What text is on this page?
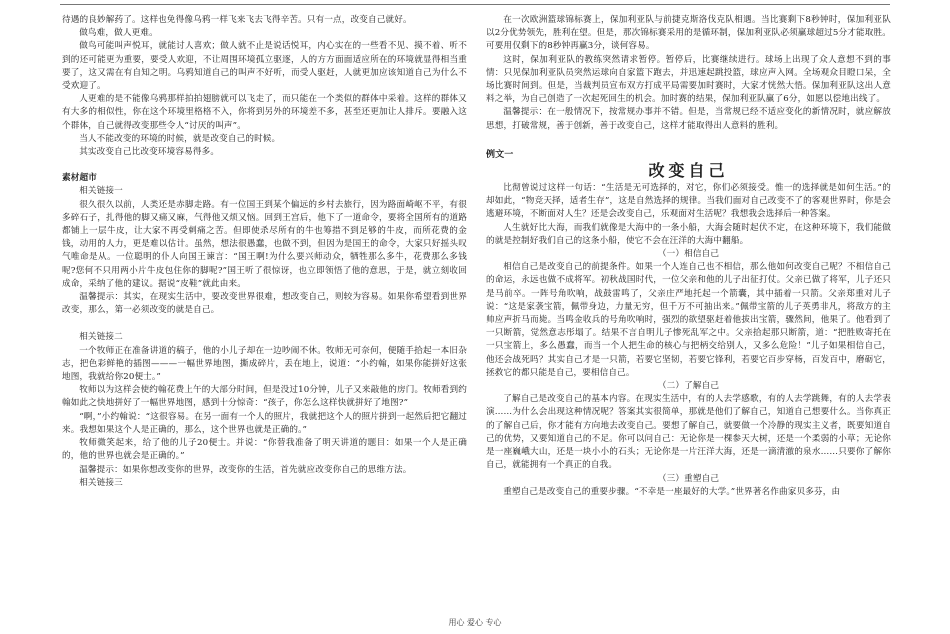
待遇的良妙解药了。这样也免得像乌鸦一样飞来飞去飞得辛苦。只有一点，改变自己就好。

做鸟难，做人更难。

做鸟可能叫声悦耳，就能讨人喜欢；做人就不止是说话悦耳，内心实在的一些看不见、摸不着、听不到的还可能更为重要，要受人欢迎，不让周围环境孤立驱逐，人的方方面面适应所在的环境就显得相当重要了，这又需在有自知之明。乌鸦知道自己的叫声不好听，而受人驱赶，人就更加应该知道自己为什么不受欢迎了。

人更难的是不能像乌鸦那样拍拍翅膀就可以飞走了，而只能在一个类似的群体中采着。这样的群体又有大多的相似性，你在这个环境里格格不入，你将到另外的环境差不多，甚至还更加让人排斥。要融入这个群体，自己就得改变那些令人“讨厌的叫声”。

当人不能改变的环境的时候，就是改变自己的时候。

其实改变自己比改变环境容易得多。

素材超市

相关链接一

很久很久以前，人类还是赤脚走路。有一位国王到某个偏远的乡村去旅行，因为路面崎岖不平，有很多碎石子，扎得他的脚又痛又麻，气得他又烦又恼。回到王宫后，他下了一道命令，要将全国所有的道路都铺上一层牛皮，让大家不再受刺痛之苦。但即使杀尽所有的牛也筹措不到足够的牛皮，而所花费的金钱，动用的人力，更是难以估计。虽然，想法很愚蠢，也做不到，但因为是国王的命令，大家只好摇头叹气唯命是从。一位聪明的仆人向国王谏言：“国王啊!为什么要兴师动众，牺牲那么多牛，花费那么多钱呢?您何不只用两小片牛皮包住你的脚呢?”国王听了很惊讶，也立即领悟了他的意思，于是，就立刻收回成命，采纳了他的建议。据说“皮鞋”就此由来。

温馨提示：其实，在现实生活中，要改变世界很难，想改变自己，则较为容易。如果你希望看到世界改变，那么，第一必须改变的就是自己。

相关链接二

一个牧师正在准备讲道的稿子，他的小儿子却在一边吵闹不休。牧师无可奈何，便随手拾起一本旧杂志，把色彩鲜艳的插图———一幅世界地图，撕成碎片，丢在地上，说道：“小约翰，如果你能拼好这张地图，我就给你20便士。”

牧师以为这样会使约翰花费上午的大部分时间，但是没过10分钟，儿子又来敲他的房门。牧师看到约翰如此之快地拼好了一幅世界地图，感到十分惊奇：“孩子，你怎么这样快就拼好了地图?”

“啊，”小约翰说：“这很容易。在另一面有一个人的照片，我就把这个人的照片拼到一起然后把它翻过来。我想如果这个人是正确的，那么，这个世界也就是正确的。”

牧师微笑起来，给了他的儿子20便士。并说：“你替我准备了明天讲道的题目：如果一个人是正确的，他的世界也就会是正确的。”

温馨提示：如果你想改变你的世界，改变你的生活，首先就应改变你自己的思维方法。

相关链接三

在一次欧洲篮球锦标赛上，保加利亚队与前捷克斯洛伐克队相遇。当比赛剩下8秒钟时，保加利亚队以2分优势领先，胜利在望。但是，那次锦标赛采用的是循环制，保加利亚队必须赢球超过5分才能取胜。可要用仅剩下的8秒钟再赢3分，谈何容易。

这时，保加利亚队的教练突然请求暂停。暂停后，比赛继续进行。球场上出现了众人意想不到的事情：只见保加利亚队员突然运球向自家篮下跑去，并迅速起跳投篮，球应声入网。全场观众目瞪口呆，全场比赛时间到。但是，当裁判员宣布双方打成平局需要加时赛时，大家才恍然大悟。保加利亚队这出人意料之举，为自己创造了一次起死回生的机会。加时赛的结果，保加利亚队赢了6分，如愿以偿地出线了。

温馨提示：在一般情况下，按常规办事并不错。但是，当常规已经不适应变化的新情况时，就应解放思想，打破常规，善于创新，善于改变自己，这样才能取得出人意料的胜利。

例文一

改变自己

比彻曾说过这样一句话：“生活是无可选择的，对它，你们必须接受。惟一的选择就是如何生活。”的却如此，“物竞天择，适者生存”，这是自然选择的规律。当我们面对自己改变不了的客观世界时，你是会逃避环境，不断面对人生？还是会改变自己，乐观面对生活呢？我想我会选择后一种答案。

人生就好比大海，而我们就像是大海中的一条小船，大海会随时起伏不定，在这种环境下，我们能做的就是控制好我们自己的这条小船，使它不会在汪洋的大海中翻船。

（一）相信自己

相信自己是改变自己的前提条件。如果一个人连自己也不相信，那么他如何改变自己呢？不相信自己的命运，永远也做不成将军。初秋战国时代，一位父亲和他的儿子出征打仗。父亲已做了将军，儿子还只是马前卒。一阵号角吹响，战鼓雷鸣了，父亲庄严地托起一个箭囊，其中插着一只箭。父亲郑重对儿子说：“这是家袭宝箭，佩带身边，力量无穷，但千万不可抽出来。”佩带宝箭的儿子英勇非凡，将敌方的主帅应声折马而毙。当鸣金收兵的号角吹响时，强烈的欲望驱赶着他拔出宝箭，骤然间，他果了。他看到了一只断箭，觉然意志彤塌了。结果不言自明儿子惨死乱军之中。父亲拾起那只断箭，道：“把胜败寄托在一只宝箭上，多么愚蠢，而当一个人把生命的核心与把柄交给别人，又多么危险！”儿子如果相信自己，他还会战死吗？其实自己才是一只箭，若要它坚韧，若要它锋利，若要它百步穿杨，百发百中，磨砺它，拯救它的都只能是自己，要相信自己。

（二）了解自己

了解自己是改变自己的基本内容。在现实生活中，有的人去学感歌，有的人去学跳舞，有的人去学表演……为什么会出现这种情况呢？答案其实很简单，那就是他们了解自己，知道自己想要什么。当你真正的了解自己后，你才能有方向地去改变自己。要想了解自己，就要做一个冷静的现实主义者，既要知道自己的优势，又要知道自己的不足。你可以问自己：无论你是一棵参天大树，还是一个柔弱的小草；无论你是一座巍峨大山，还是一块小小的石头；无论你是一片汪洋大海，还是一滴清澈的泉水……只要你了解你自己，就能拥有一个真正的自我。

（三）重塑自己

重塑自己是改变自己的重要步骤。“不幸是一座最好的大学。”世界著名作曲家贝多芬，由

用心 爱心 专心
